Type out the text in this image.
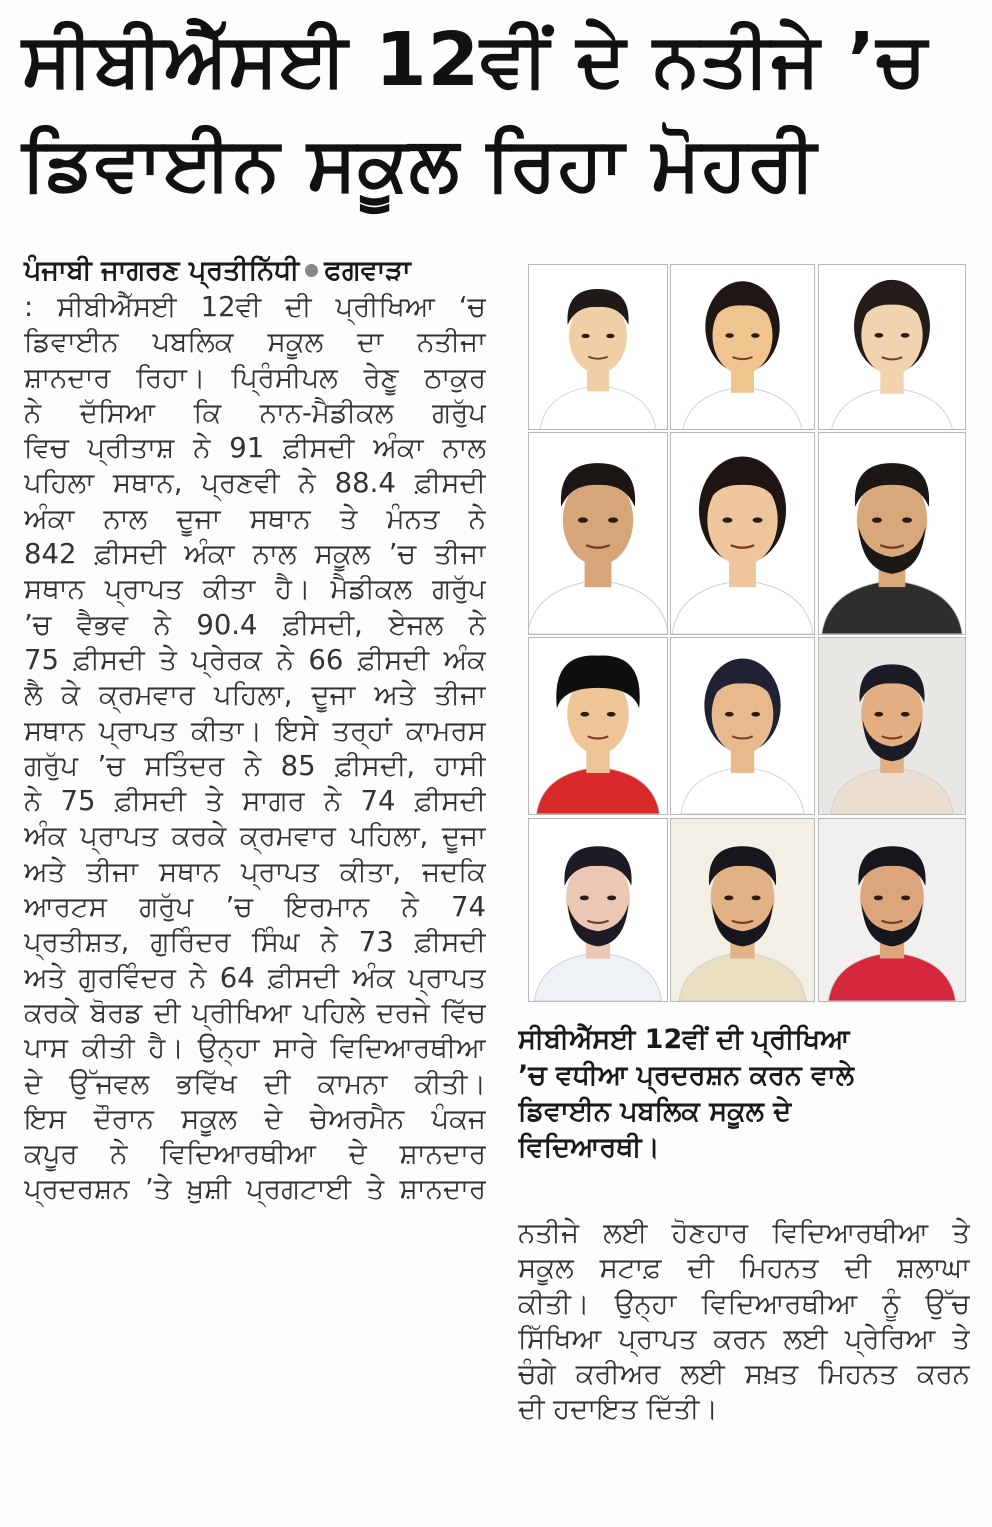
ਸੀਬੀਐੱਸਈ 12ਵੀਂ ਦੇ ਨਤੀਜੇ ’ਚ
ਡਿਵਾਈਨ ਸਕੂਲ ਰਿਹਾ ਮੋਹਰੀ
ਪੰਜਾਬੀ ਜਾਗਰਣ ਪ੍ਰਤੀਨਿੱਧੀ ਫਗਵਾੜਾ
: ਸੀਬੀਐੱਸਈ 12ਵੀ ਦੀ ਪ੍ਰੀਖਿਆ ‘ਚ
ਡਿਵਾਈਨ ਪਬਲਿਕ ਸਕੂਲ ਦਾ ਨਤੀਜਾ
ਸ਼ਾਨਦਾਰ ਰਿਹਾ। ਪ੍ਰਿੰਸੀਪਲ ਰੇਣੂ ਠਾਕੁਰ
ਨੇ ਦੱਸਿਆ ਕਿ ਨਾਨ-ਮੈਡੀਕਲ ਗਰੁੱਪ
ਵਿਚ ਪ੍ਰੀਤਾਸ਼ ਨੇ 91 ਫ਼ੀਸਦੀ ਅੰਕਾ ਨਾਲ
ਪਹਿਲਾ ਸਥਾਨ, ਪ੍ਰਣਵੀ ਨੇ 88.4 ਫ਼ੀਸਦੀ
ਅੰਕਾ ਨਾਲ ਦੂਜਾ ਸਥਾਨ ਤੇ ਮੰਨਤ ਨੇ
842 ਫ਼ੀਸਦੀ ਅੰਕਾ ਨਾਲ ਸਕੂਲ ’ਚ ਤੀਜਾ
ਸਥਾਨ ਪ੍ਰਾਪਤ ਕੀਤਾ ਹੈ। ਮੈਡੀਕਲ ਗਰੁੱਪ
’ਚ ਵੈਭਵ ਨੇ 90.4 ਫ਼ੀਸਦੀ, ਏਜਲ ਨੇ
75 ਫ਼ੀਸਦੀ ਤੇ ਪ੍ਰੇਰਕ ਨੇ 66 ਫ਼ੀਸਦੀ ਅੰਕ
ਲੈ ਕੇ ਕ੍ਰਮਵਾਰ ਪਹਿਲਾ, ਦੂਜਾ ਅਤੇ ਤੀਜਾ
ਸਥਾਨ ਪ੍ਰਾਪਤ ਕੀਤਾ। ਇਸੇ ਤਰ੍ਹਾਂ ਕਾਮਰਸ
ਗਰੁੱਪ ’ਚ ਸਤਿੰਦਰ ਨੇ 85 ਫ਼ੀਸਦੀ, ਹਾਸੀ
ਨੇ 75 ਫ਼ੀਸਦੀ ਤੇ ਸਾਗਰ ਨੇ 74 ਫ਼ੀਸਦੀ
ਅੰਕ ਪ੍ਰਾਪਤ ਕਰਕੇ ਕ੍ਰਮਵਾਰ ਪਹਿਲਾ, ਦੂਜਾ
ਅਤੇ ਤੀਜਾ ਸਥਾਨ ਪ੍ਰਾਪਤ ਕੀਤਾ, ਜਦਕਿ
ਆਰਟਸ ਗਰੁੱਪ ’ਚ ਇਰਮਾਨ ਨੇ 74
ਪ੍ਰਤੀਸ਼ਤ, ਗੁਰਿੰਦਰ ਸਿੰਘ ਨੇ 73 ਫ਼ੀਸਦੀ
ਅਤੇ ਗੁਰਵਿੰਦਰ ਨੇ 64 ਫ਼ੀਸਦੀ ਅੰਕ ਪ੍ਰਾਪਤ
ਕਰਕੇ ਬੋਰਡ ਦੀ ਪ੍ਰੀਖਿਆ ਪਹਿਲੇ ਦਰਜੇ ਵਿੱਚ
ਪਾਸ ਕੀਤੀ ਹੈ। ਉਨ੍ਹਾ ਸਾਰੇ ਵਿਦਿਆਰਥੀਆ
ਦੇ ਉੱਜਵਲ ਭਵਿੱਖ ਦੀ ਕਾਮਨਾ ਕੀਤੀ।
ਇਸ ਦੌਰਾਨ ਸਕੂਲ ਦੇ ਚੇਅਰਮੈਨ ਪੰਕਜ
ਕਪੂਰ ਨੇ ਵਿਦਿਆਰਥੀਆ ਦੇ ਸ਼ਾਨਦਾਰ
ਪ੍ਰਦਰਸ਼ਨ ’ਤੇ ਖ਼ੁਸ਼ੀ ਪ੍ਰਗਟਾਈ ਤੇ ਸ਼ਾਨਦਾਰ
ਸੀਬੀਐੱਸਈ 12ਵੀਂ ਦੀ ਪ੍ਰੀਖਿਆ
’ਚ ਵਧੀਆ ਪ੍ਰਦਰਸ਼ਨ ਕਰਨ ਵਾਲੇ
ਡਿਵਾਈਨ ਪਬਲਿਕ ਸਕੂਲ ਦੇ
ਵਿਦਿਆਰਥੀ।
ਨਤੀਜੇ ਲਈ ਹੋਣਹਾਰ ਵਿਦਿਆਰਥੀਆ ਤੇ
ਸਕੂਲ ਸਟਾਫ਼ ਦੀ ਮਿਹਨਤ ਦੀ ਸ਼ਲਾਘਾ
ਕੀਤੀ। ਉਨ੍ਹਾ ਵਿਦਿਆਰਥੀਆ ਨੂੰ ਉੱਚ
ਸਿੱਖਿਆ ਪ੍ਰਾਪਤ ਕਰਨ ਲਈ ਪ੍ਰੇਰਿਆ ਤੇ
ਚੰਗੇ ਕਰੀਅਰ ਲਈ ਸਖ਼ਤ ਮਿਹਨਤ ਕਰਨ
ਦੀ ਹਦਾਇਤ ਦਿੱਤੀ।
